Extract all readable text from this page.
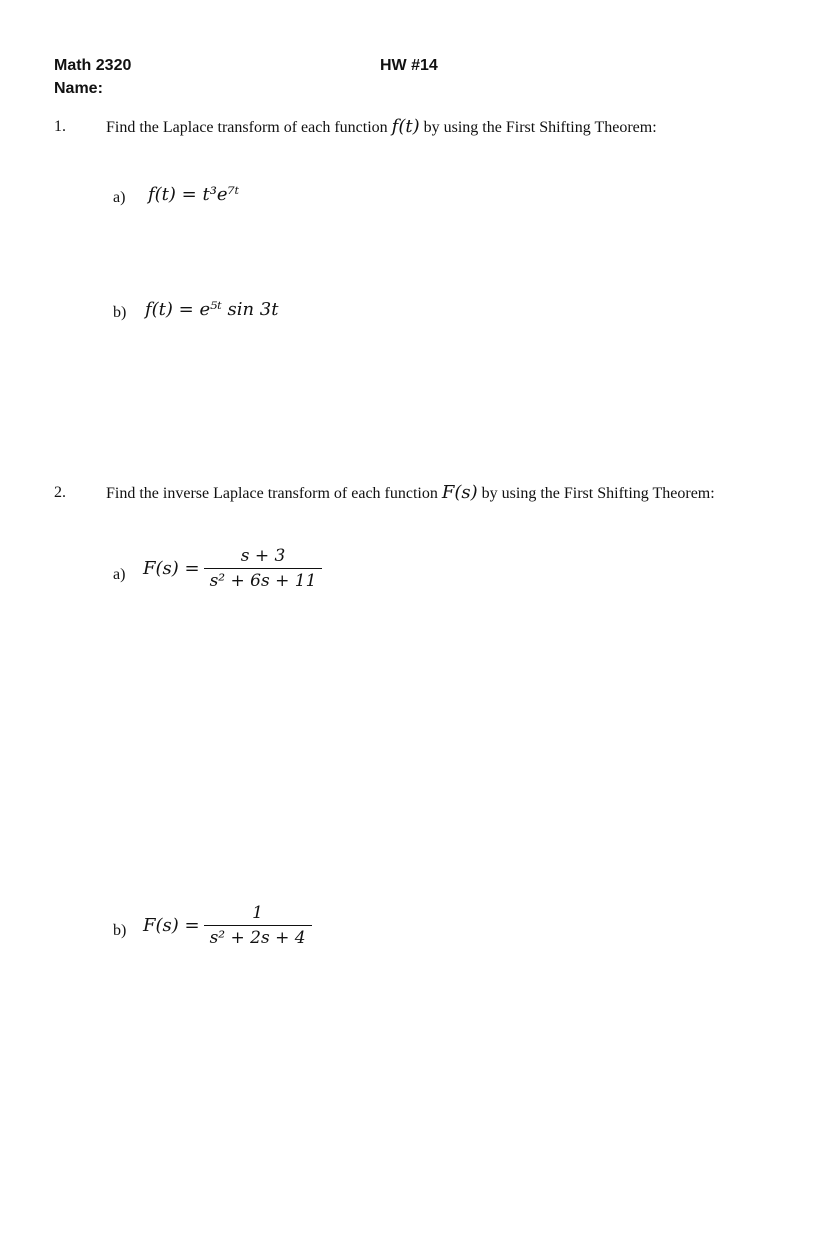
Math 2320	HW #14
Name:
1.	Find the Laplace transform of each function f(t) by using the First Shifting Theorem:
a) f(t) = t³e⁷ᵗ
b) f(t) = e⁵ᵗ sin 3t
2.	Find the inverse Laplace transform of each function F(s) by using the First Shifting Theorem:
a) $F(s) = \frac{s + 3}{\text{s² + 6s + 11}}$
b) $F(s) = \frac{1}{\text{s² + 2s + 4}}$
